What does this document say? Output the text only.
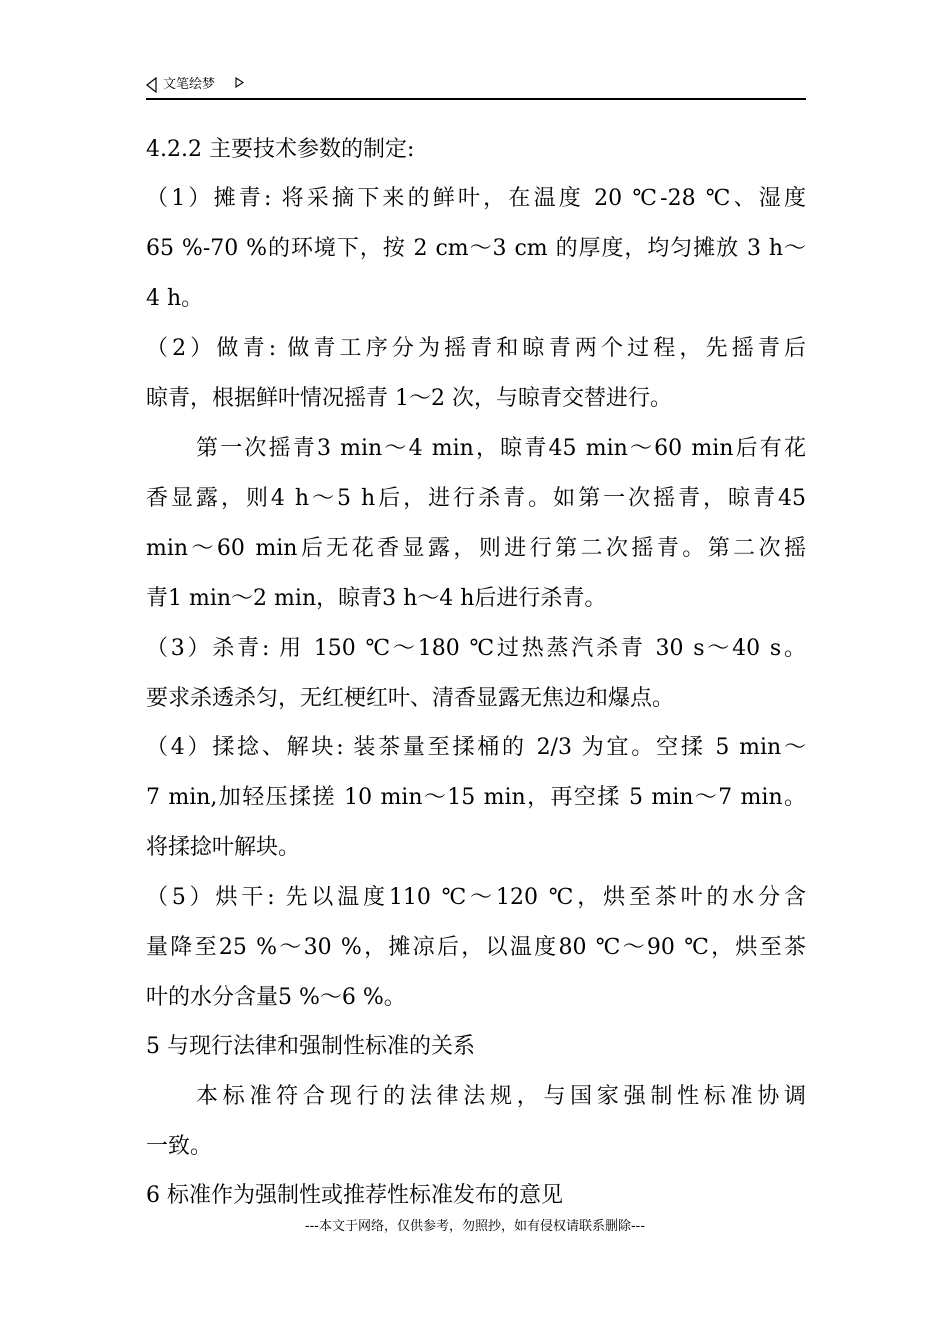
文笔绘梦
4.2.2 主要技术参数的制定:
（1）摊青: 将采摘下来的鲜叶，在温度 20 ℃-28 ℃、湿度
65 %-70 %的环境下，按 2 cm～3 cm 的厚度，均匀摊放 3 h～
4 h。
（2）做青: 做青工序分为摇青和晾青两个过程，先摇青后
晾青，根据鲜叶情况摇青 1～2 次，与晾青交替进行。
第一次摇青3 min～4 min，晾青45 min～60 min后有花
香显露，则4 h～5 h后，进行杀青。如第一次摇青，晾青45
min～60 min后无花香显露，则进行第二次摇青。第二次摇
青1 min～2 min，晾青3 h～4 h后进行杀青。
（3）杀青: 用 150 ℃～180 ℃过热蒸汽杀青 30 s～40 s。
要求杀透杀匀，无红梗红叶、清香显露无焦边和爆点。
（4）揉捻、解块: 装茶量至揉桶的 2/3 为宜。空揉 5 min～
7 min,加轻压揉搓 10 min～15 min，再空揉 5 min～7 min。
将揉捻叶解块。
（5）烘干: 先以温度110 ℃～120 ℃，烘至茶叶的水分含
量降至25 %～30 %，摊凉后，以温度80 ℃～90 ℃，烘至茶
叶的水分含量5 %～6 %。
5 与现行法律和强制性标准的关系
本标准符合现行的法律法规，与国家强制性标准协调
一致。
6 标准作为强制性或推荐性标准发布的意见
---本文于网络，仅供参考，勿照抄，如有侵权请联系删除---
